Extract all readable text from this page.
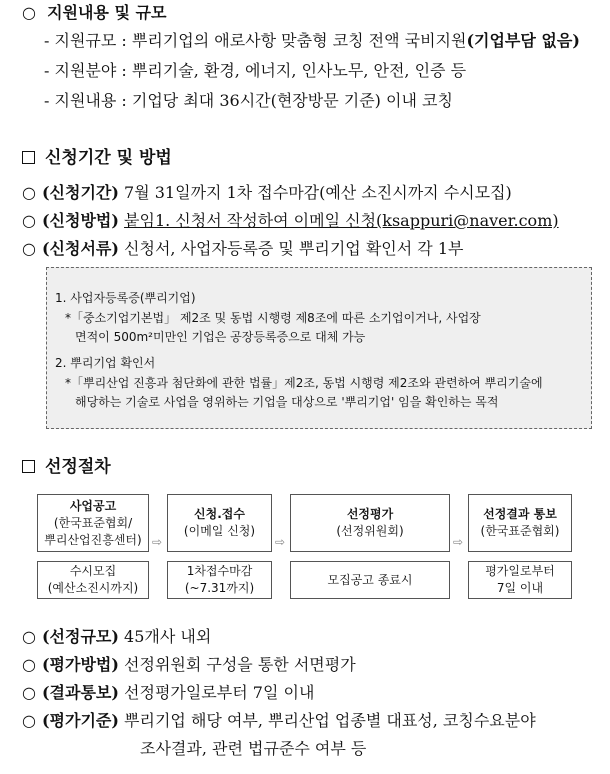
○ 지원내용 및 규모
- 지원규모 : 뿌리기업의 애로사항 맞춤형 코칭 전액 국비지원(기업부담 없음)
- 지원분야 : 뿌리기술, 환경, 에너지, 인사노무, 안전, 인증 등
- 지원내용 : 기업당 최대 36시간(현장방문 기준) 이내 코칭
신청기간 및 방법
○ (신청기간) 7월 31일까지 1차 접수마감(예산 소진시까지 수시모집)
○ (신청방법) 붙임1. 신청서 작성하여 이메일 신청(ksappuri@naver.com)
○ (신청서류) 신청서, 사업자등록증 및 뿌리기업 확인서 각 1부
1. 사업자등록증(뿌리기업)
*「중소기업기본법」 제2조 및 동법 시행령 제8조에 따른 소기업이거나, 사업장
면적이 500m²미만인 기업은 공장등록증으로 대체 가능
2. 뿌리기업 확인서
*「뿌리산업 진흥과 첨단화에 관한 법률」제2조, 동법 시행령 제2조와 관련하여 뿌리기술에
해당하는 기술로 사업을 영위하는 기업을 대상으로 '뿌리기업' 임을 확인하는 목적
선정절차
사업공고
(한국표준협회/
뿌리산업진흥센터) ⇨
신청.접수
(이메일 신청)
⇨
선정평가
(선정위원회)
⇨
선정결과 통보
(한국표준협회)
수시모집
(예산소진시까지)
1차접수마감
(~7.31까지)
모집공고 종료시
평가일로부터
7일 이내
○ (선정규모) 45개사 내외
○ (평가방법) 선정위원회 구성을 통한 서면평가
○ (결과통보) 선정평가일로부터 7일 이내
○ (평가기준) 뿌리기업 해당 여부, 뿌리산업 업종별 대표성, 코칭수요분야
조사결과, 관련 법규준수 여부 등
